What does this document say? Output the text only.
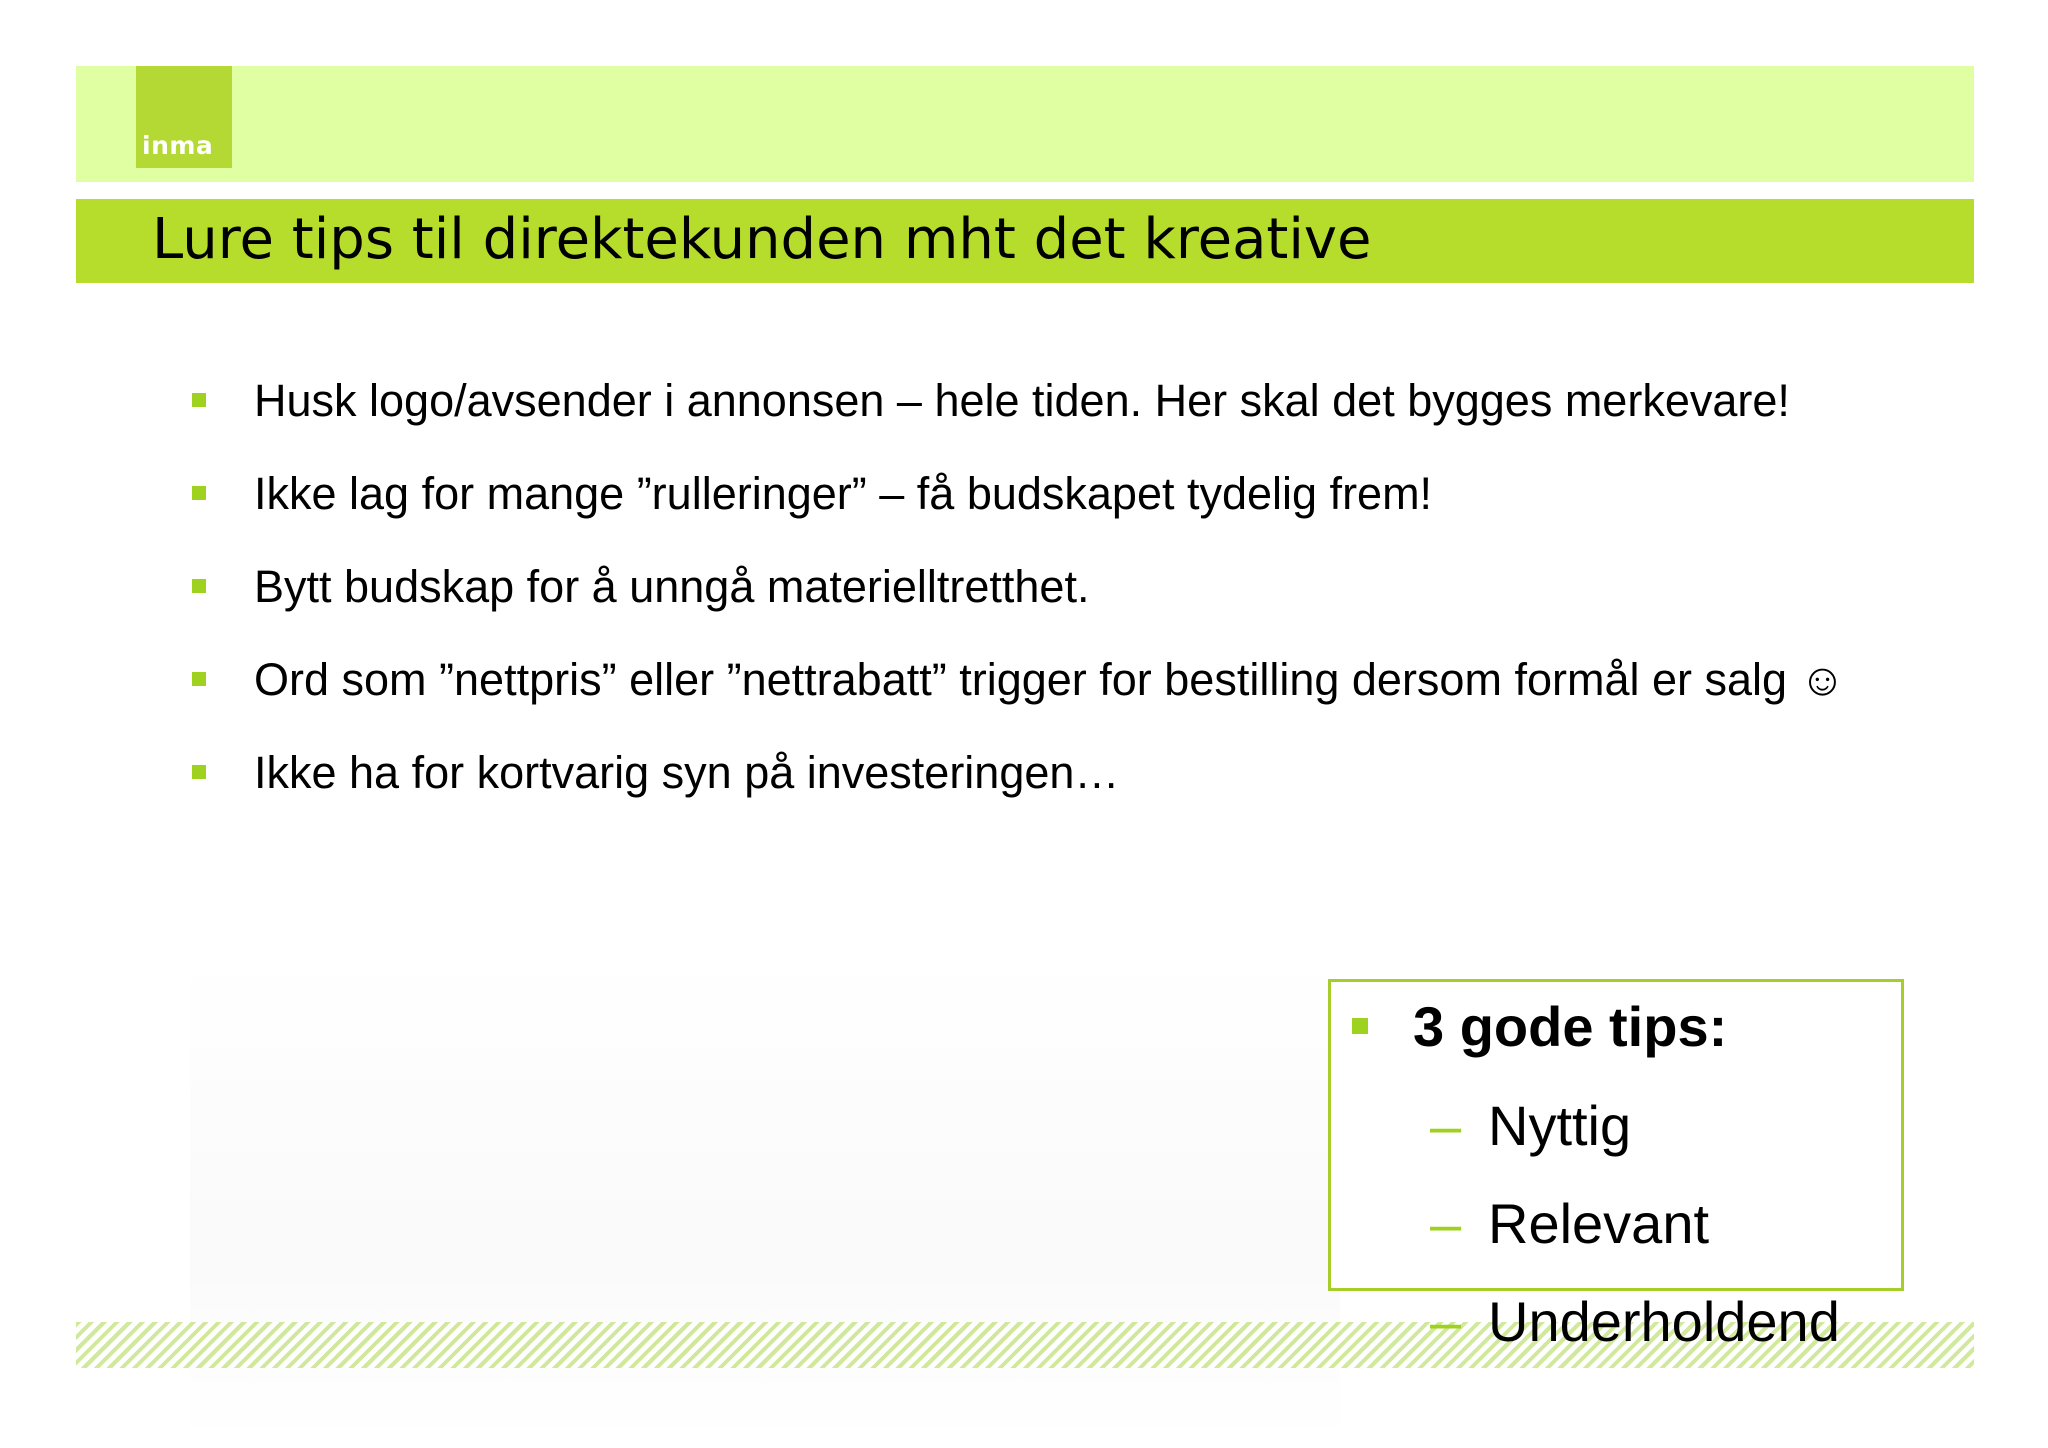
inma
Lure tips til direktekunden mht det kreative
Husk logo/avsender i annonsen – hele tiden. Her skal det bygges merkevare!
Ikke lag for mange ”rulleringer” – få budskapet tydelig frem!
Bytt budskap for å unngå materielltretthet.
Ord som ”nettpris” eller ”nettrabatt” trigger for bestilling dersom formål er salg ☺
Ikke ha for kortvarig syn på investeringen…
3 gode tips:
– Nyttig
– Relevant
– Underholdend
